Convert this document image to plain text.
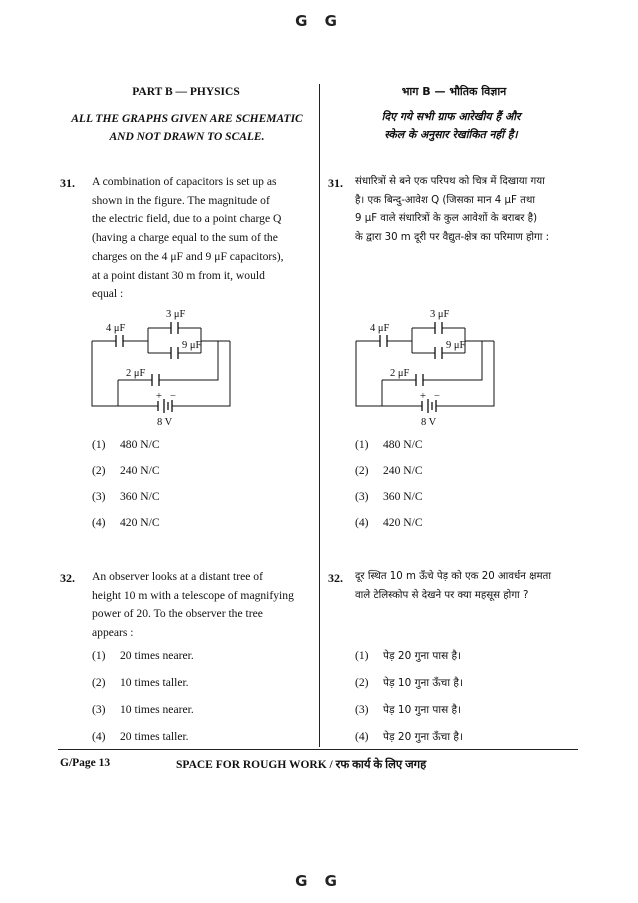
G G
PART B — PHYSICS
ALL THE GRAPHS GIVEN ARE SCHEMATIC
AND NOT DRAWN TO SCALE.
भाग B — भौतिक विज्ञान
दिए गये सभी ग्राफ आरेखीय हैं और
स्केल के अनुसार रेखांकित नहीं है।
31. A combination of capacitors is set up as
shown in the figure. The magnitude of
the electric field, due to a point charge Q
(having a charge equal to the sum of the
charges on the 4 μF and 9 μF capacitors),
at a point distant 30 m from it, would
equal :
4 μF
3 μF
9 μF
2 μF
+ −
8 V
(1) 480 N/C
(2) 240 N/C
(3) 360 N/C
(4) 420 N/C
31. संधारित्रों से बने एक परिपथ को चित्र में दिखाया गया
है। एक बिन्दु-आवेश Q (जिसका मान 4 μF तथा
9 μF वाले संधारित्रों के कुल आवेशों के बराबर है)
के द्वारा 30 m दूरी पर वैद्युत-क्षेत्र का परिमाण होगा :
4 μF
3 μF
9 μF
2 μF
+ −
8 V
(1) 480 N/C
(2) 240 N/C
(3) 360 N/C
(4) 420 N/C
32. An observer looks at a distant tree of
height 10 m with a telescope of magnifying
power of 20. To the observer the tree
appears :
(1) 20 times nearer.
(2) 10 times taller.
(3) 10 times nearer.
(4) 20 times taller.
32. दूर स्थित 10 m ऊँचे पेड़ को एक 20 आवर्धन क्षमता
वाले टेलिस्कोप से देखने पर क्या महसूस होगा ?
(1) पेड़ 20 गुना पास है।
(2) पेड़ 10 गुना ऊँचा है।
(3) पेड़ 10 गुना पास है।
(4) पेड़ 20 गुना ऊँचा है।
G/Page 13	SPACE FOR ROUGH WORK / रफ कार्य के लिए जगह
G G
